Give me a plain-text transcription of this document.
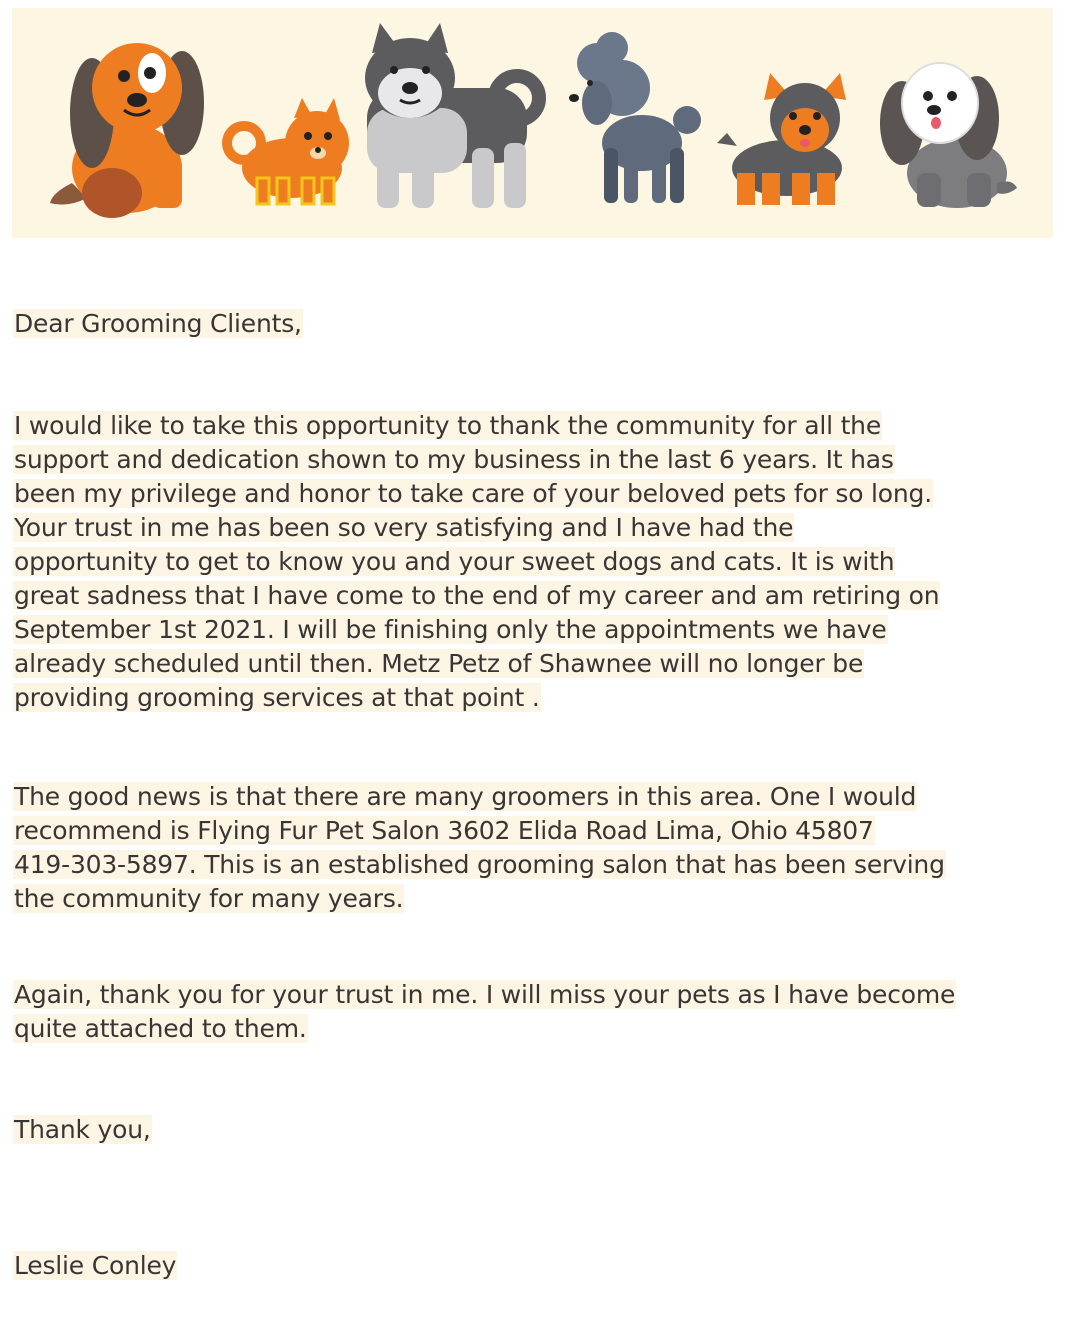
Dear Grooming Clients,
I would like to take this opportunity to thank the community for all the
support and dedication shown to my business in the last 6 years. It has
been my privilege and honor to take care of your beloved pets for so long.
Your trust in me has been so very satisfying and I have had the
opportunity to get to know you and your sweet dogs and cats. It is with
great sadness that I have come to the end of my career and am retiring on
September 1st 2021. I will be finishing only the appointments we have
already scheduled until then. Metz Petz of Shawnee will no longer be
providing grooming services at that point .
The good news is that there are many groomers in this area. One I would
recommend is Flying Fur Pet Salon 3602 Elida Road Lima, Ohio 45807
419-303-5897. This is an established grooming salon that has been serving
the community for many years.
Again, thank you for your trust in me. I will miss your pets as I have become
quite attached to them.
Thank you,
Leslie Conley
